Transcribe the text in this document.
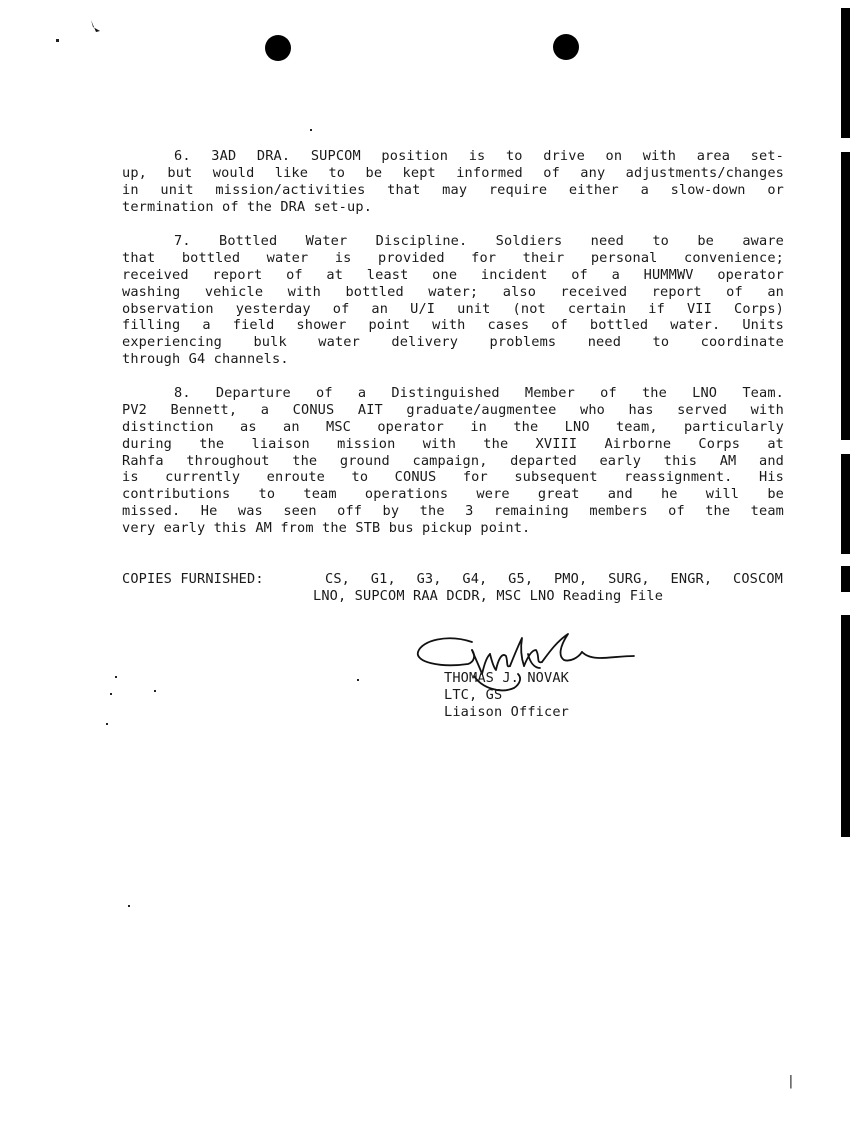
6. 3AD DRA. SUPCOM position is to drive on with area set-
up, but would like to be kept informed of any adjustments/changes
in unit mission/activities that may require either a slow-down or
termination of the DRA set-up.
7. Bottled Water Discipline. Soldiers need to be aware
that bottled water is provided for their personal convenience;
received report of at least one incident of a HUMMWV operator
washing vehicle with bottled water; also received report of an
observation yesterday of an U/I unit (not certain if VII Corps)
filling a field shower point with cases of bottled water. Units
experiencing bulk water delivery problems need to coordinate
through G4 channels.
8. Departure of a Distinguished Member of the LNO Team.
PV2 Bennett, a CONUS AIT graduate/augmentee who has served with
distinction as an MSC operator in the LNO team, particularly
during the liaison mission with the XVIII Airborne Corps at
Rahfa throughout the ground campaign, departed early this AM and
is currently enroute to CONUS for subsequent reassignment. His
contributions to team operations were great and he will be
missed. He was seen off by the 3 remaining members of the team
very early this AM from the STB bus pickup point.
COPIES FURNISHED:	CS, G1, G3, G4, G5, PMO, SURG, ENGR, COSCOM
LNO, SUPCOM RAA DCDR, MSC LNO Reading File
THOMAS J. NOVAK
LTC, GS
Liaison Officer
|
